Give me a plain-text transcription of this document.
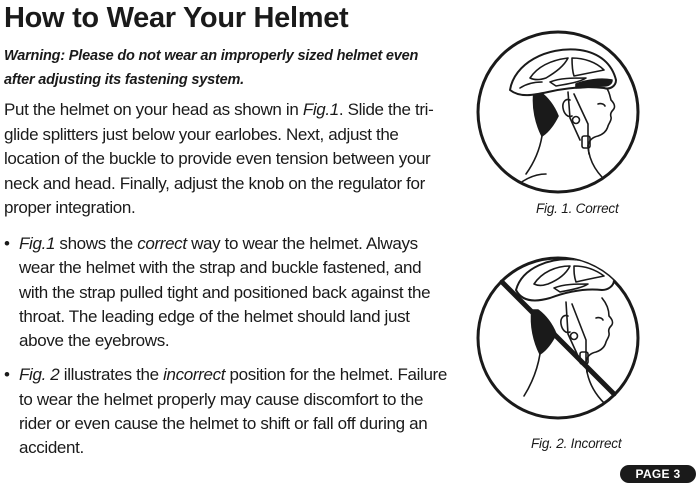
How to Wear Your Helmet

Warning: Please do not wear an improperly sized helmet even after adjusting its fastening system.

Put the helmet on your head as shown in Fig.1. Slide the tri-glide splitters just below your earlobes. Next, adjust the location of the buckle to provide even tension between your neck and head. Finally, adjust the knob on the regulator for proper integration.

• Fig.1 shows the correct way to wear the helmet. Always wear the helmet with the strap and buckle fastened, and with the strap pulled tight and positioned back against the throat. The leading edge of the helmet should land just above the eyebrows.
• Fig. 2 illustrates the incorrect position for the helmet. Failure to wear the helmet properly may cause discomfort to the rider or even cause the helmet to shift or fall off during an accident.
Fig. 1. Correct
Fig. 2. Incorrect
PAGE 3
